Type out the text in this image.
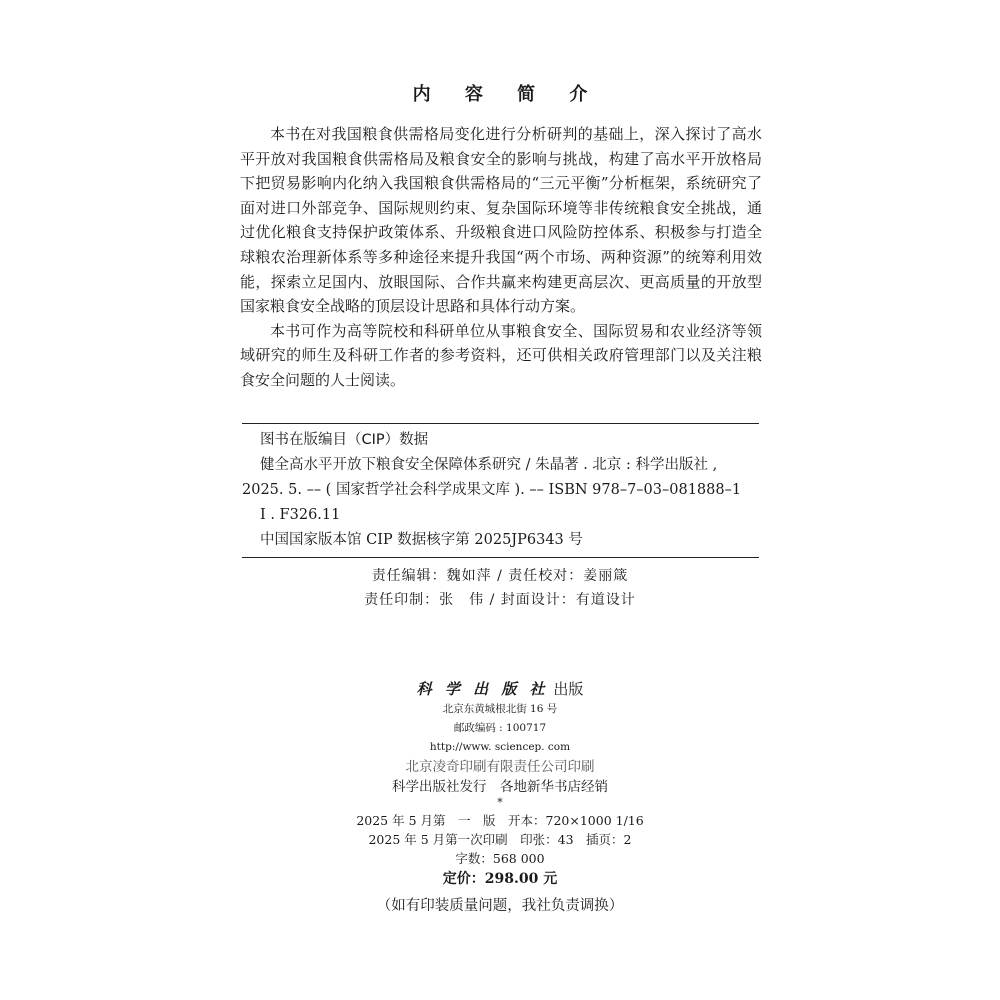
内 容 简 介

本书在对我国粮食供需格局变化进行分析研判的基础上，深入探讨了高水平开放对我国粮食供需格局及粮食安全的影响与挑战，构建了高水平开放格局下把贸易影响内化纳入我国粮食供需格局的“三元平衡”分析框架，系统研究了面对进口外部竞争、国际规则约束、复杂国际环境等非传统粮食安全挑战，通过优化粮食支持保护政策体系、升级粮食进口风险防控体系、积极参与打造全球粮农治理新体系等多种途径来提升我国“两个市场、两种资源”的统筹利用效能，探索立足国内、放眼国际、合作共赢来构建更高层次、更高质量的开放型国家粮食安全战略的顶层设计思路和具体行动方案。

本书可作为高等院校和科研单位从事粮食安全、国际贸易和农业经济等领域研究的师生及科研工作者的参考资料，还可供相关政府管理部门以及关注粮食安全问题的人士阅读。

图书在版编目（CIP）数据
健全高水平开放下粮食安全保障体系研究 / 朱晶著 . 北京 : 科学出版社 ,
2025. 5. –– ( 国家哲学社会科学成果文库 ). –– ISBN 978–7–03–081888–1
Ⅰ . F326.11
中国国家版本馆 CIP 数据核字第 2025JP6343 号
责任编辑：魏如萍 / 责任校对：姜丽箴
责任印制：张　伟 / 封面设计：有道设计
科 学 出 版 社 出版
北京东黄城根北街 16 号
邮政编码 : 100717
http://www. sciencep. com
北京凌奇印刷有限责任公司印刷
科学出版社发行　各地新华书店经销
*
2025 年 5 月第　一　版　开本：720×1000 1/16
2025 年 5 月第一次印刷　印张：43　插页：2
字数：568 000
定价：298.00 元
（如有印装质量问题，我社负责调换）
